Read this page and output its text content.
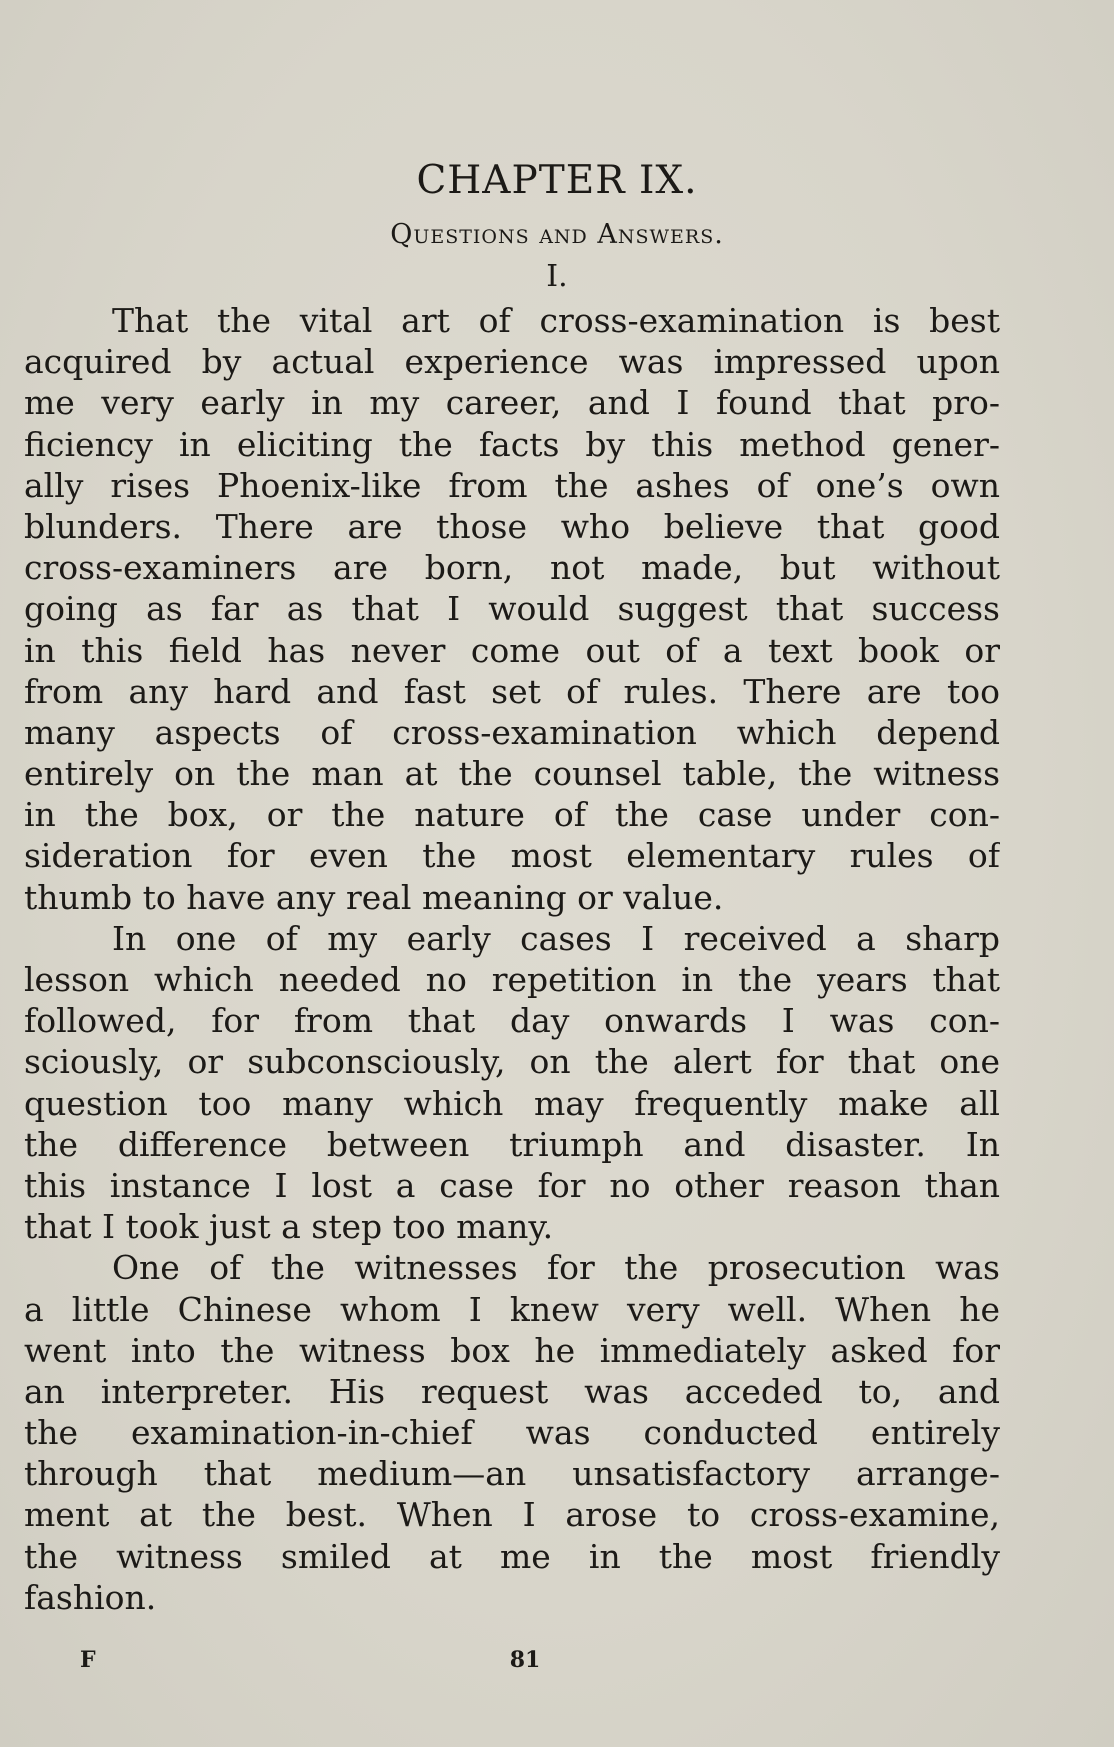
CHAPTER IX.
Questions and Answers.
I.

That the vital art of cross-examination is best
acquired by actual experience was impressed upon
me very early in my career, and I found that pro-
ficiency in eliciting the facts by this method gener-
ally rises Phoenix-like from the ashes of one’s own
blunders. There are those who believe that good
cross-examiners are born, not made, but without
going as far as that I would suggest that success
in this field has never come out of a text book or
from any hard and fast set of rules. There are too
many aspects of cross-examination which depend
entirely on the man at the counsel table, the witness
in the box, or the nature of the case under con-
sideration for even the most elementary rules of
thumb to have any real meaning or value.

In one of my early cases I received a sharp
lesson which needed no repetition in the years that
followed, for from that day onwards I was con-
sciously, or subconsciously, on the alert for that one
question too many which may frequently make all
the difference between triumph and disaster. In
this instance I lost a case for no other reason than
that I took just a step too many.

One of the witnesses for the prosecution was
a little Chinese whom I knew very well. When he
went into the witness box he immediately asked for
an interpreter. His request was acceded to, and
the examination-in-chief was conducted entirely
through that medium—an unsatisfactory arrange-
ment at the best. When I arose to cross-examine,
the witness smiled at me in the most friendly
fashion.

F	81
